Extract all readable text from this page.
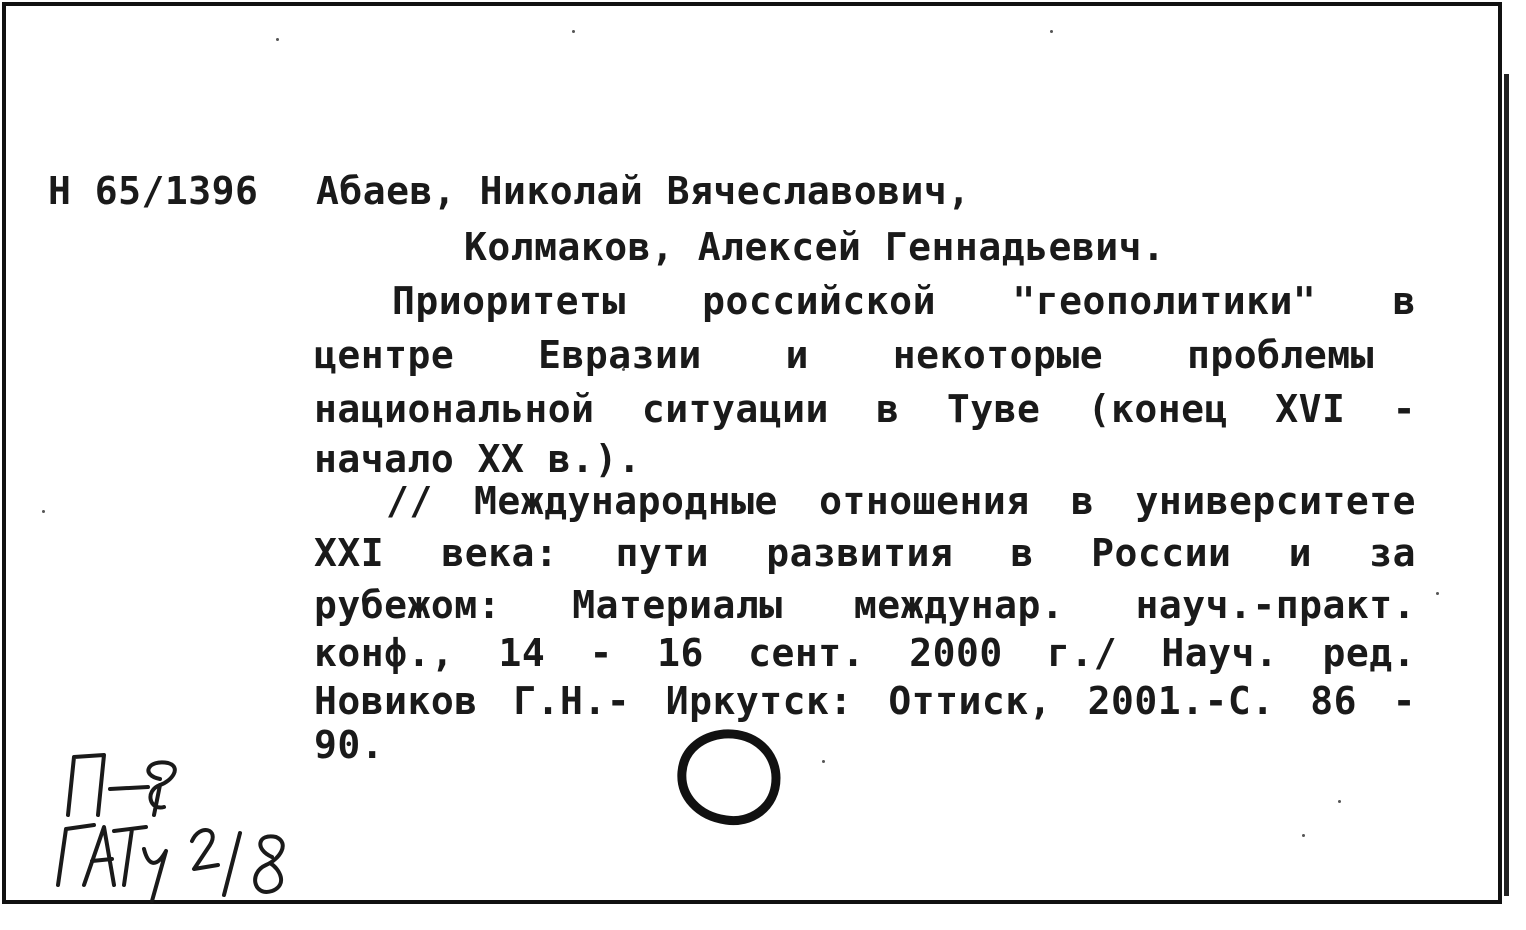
Н 65/1396 Абаев, Николай Вячеславович,
Колмаков, Алексей Геннадьевич.
Приоритеты российской "геополитики" в
центре Евразии и некоторые проблемы
национальной ситуации в Туве (конец XVI -
начало XX в.).
// Международные отношения в университете
XXI века: пути развития в России и за
рубежом: Материалы междунар. науч.-практ.
конф., 14 - 16 сент. 2000 г./ Науч. ред.
Новиков Г.Н.- Иркутск: Оттиск, 2001.-С. 86 -
90.
